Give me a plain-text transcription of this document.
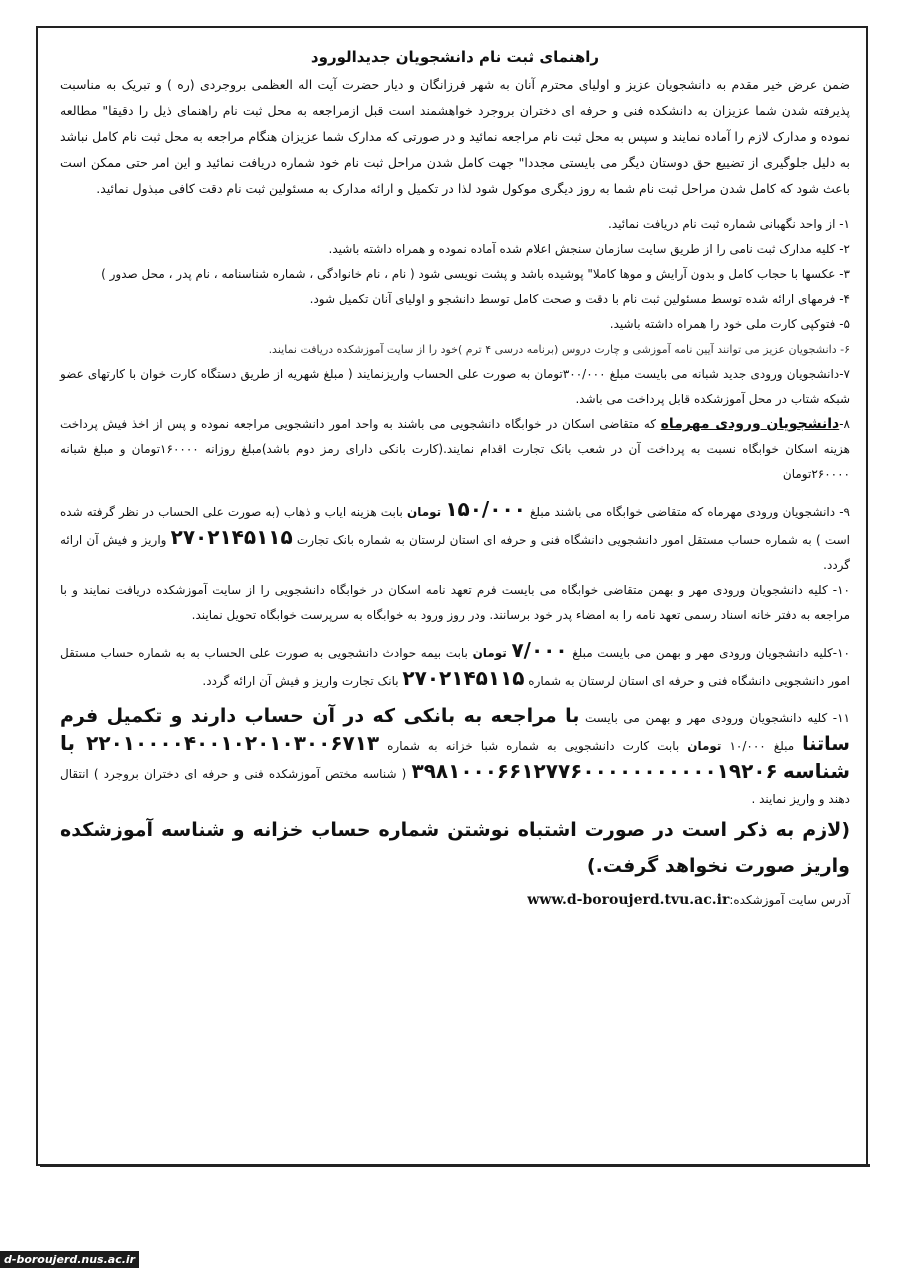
راهنمای ثبت نام دانشجویان جدیدالورود

ضمن عرض خیر مقدم به دانشجویان عزیز و اولیای محترم آنان به شهر فرزانگان و دیار حضرت آیت اله العظمی بروجردی (ره ) و تبریک به مناسبت پذیرفته شدن شما عزیزان به دانشکده فنی و حرفه ای دختران بروجرد خواهشمند است قبل ازمراجعه به محل ثبت نام راهنمای ذیل را دقیقا" مطالعه نموده و مدارک لازم را آماده نمایند و سپس به محل ثبت نام مراجعه نمائید و در صورتی که مدارک شما عزیزان هنگام مراجعه به محل ثبت نام کامل نباشد به دلیل جلوگیری از تضییع حق دوستان دیگر می بایستی مجددا" جهت کامل شدن مراحل ثبت نام خود شماره دریافت نمائید و این امر حتی ممکن است باعث شود که کامل شدن مراحل ثبت نام شما به روز دیگری موکول شود لذا در تکمیل و ارائه مدارک به مسئولین ثبت نام دقت کافی مبذول نمائید.

۱- از واحد نگهبانی شماره ثبت نام دریافت نمائید.

۲- کلیه مدارک ثبت نامی را از طریق سایت سازمان سنجش اعلام شده آماده نموده و همراه داشته باشید.

۳- عکسها با حجاب کامل و بدون آرایش و موها کاملا" پوشیده باشد و پشت نویسی شود ( نام ، نام خانوادگی ، شماره شناسنامه ، نام پدر ، محل صدور )

۴- فرمهای ارائه شده توسط مسئولین ثبت نام با دقت و صحت کامل توسط دانشجو و اولیای آنان تکمیل شود.

۵- فتوکپی کارت ملی خود را همراه داشته باشید.

۶- دانشجویان عزیز می توانند آیین نامه آموزشی و چارت دروس (برنامه درسی ۴ ترم )خود را از سایت آموزشکده دریافت نمایند.

۷-دانشجویان ورودی جدید شبانه می بایست مبلغ ۳۰۰/۰۰۰تومان به صورت علی الحساب واریزنمایند ( مبلغ شهریه از طریق دستگاه کارت خوان با کارتهای عضو شبکه شتاب در محل آموزشکده قابل پرداخت می باشد.

۸-دانشجویان ورودی مهرماه که متقاضی اسکان در خوابگاه دانشجویی می باشند به واحد امور دانشجویی مراجعه نموده و پس از اخذ فیش پرداخت هزینه اسکان خوابگاه نسبت به پرداخت آن در شعب بانک تجارت اقدام نمایند.(کارت بانکی دارای رمز دوم باشد)مبلغ روزانه ۱۶۰۰۰۰تومان و مبلغ شبانه ۲۶۰۰۰۰تومان

۹- دانشجویان ورودی مهرماه که متقاضی خوابگاه می باشند مبلغ ۱۵۰/۰۰۰ تومان بابت هزینه ایاب و ذهاب (به صورت علی الحساب در نظر گرفته شده است ) به شماره حساب مستقل امور دانشجویی دانشگاه فنی و حرفه ای استان لرستان به شماره بانک تجارت ۲۷۰۲۱۴۵۱۱۵ واریز و فیش آن ارائه گردد.

۱۰- کلیه دانشجویان ورودی مهر و بهمن متقاضی خوابگاه می بایست فرم تعهد نامه اسکان در خوابگاه دانشجویی را از سایت آموزشکده دریافت نمایند و با مراجعه به دفتر خانه اسناد رسمی تعهد نامه را به امضاء پدر خود برسانند. ودر روز ورود به خوابگاه به سرپرست خوابگاه تحویل نمایند.

۱۰-کلیه دانشجویان ورودی مهر و بهمن می بایست مبلغ ۷/۰۰۰ تومان بابت بیمه حوادث دانشجویی به صورت علی الحساب به به شماره حساب مستقل امور دانشجویی دانشگاه فنی و حرفه ای استان لرستان به شماره ۲۷۰۲۱۴۵۱۱۵ بانک تجارت واریز و فیش آن ارائه گردد.

۱۱- کلیه دانشجویان ورودی مهر و بهمن می بایست با مراجعه به بانکی که در آن حساب دارند و تکمیل فرم ساتنا مبلغ ۱۰/۰۰۰ تومان بابت کارت دانشجویی به شماره شبا خزانه به شماره ۲۲۰۱۰۰۰۰۴۰۰۱۰۲۰۱۰۳۰۰۶۷۱۳ با شناسه ۳۹۸۱۰۰۰۶۶۱۲۷۷۶۰۰۰۰۰۰۰۰۰۰۰۱۹۲۰۶ ( شناسه مختص آموزشکده فنی و حرفه ای دختران بروجرد ) انتقال دهند و واریز نمایند .

(لازم به ذکر است در صورت اشتباه نوشتن شماره حساب خزانه و شناسه آموزشکده واریز صورت نخواهد گرفت.)

آدرس سایت آموزشکده:www.d-boroujerd.tvu.ac.ir
d-boroujerd.nus.ac.ir
